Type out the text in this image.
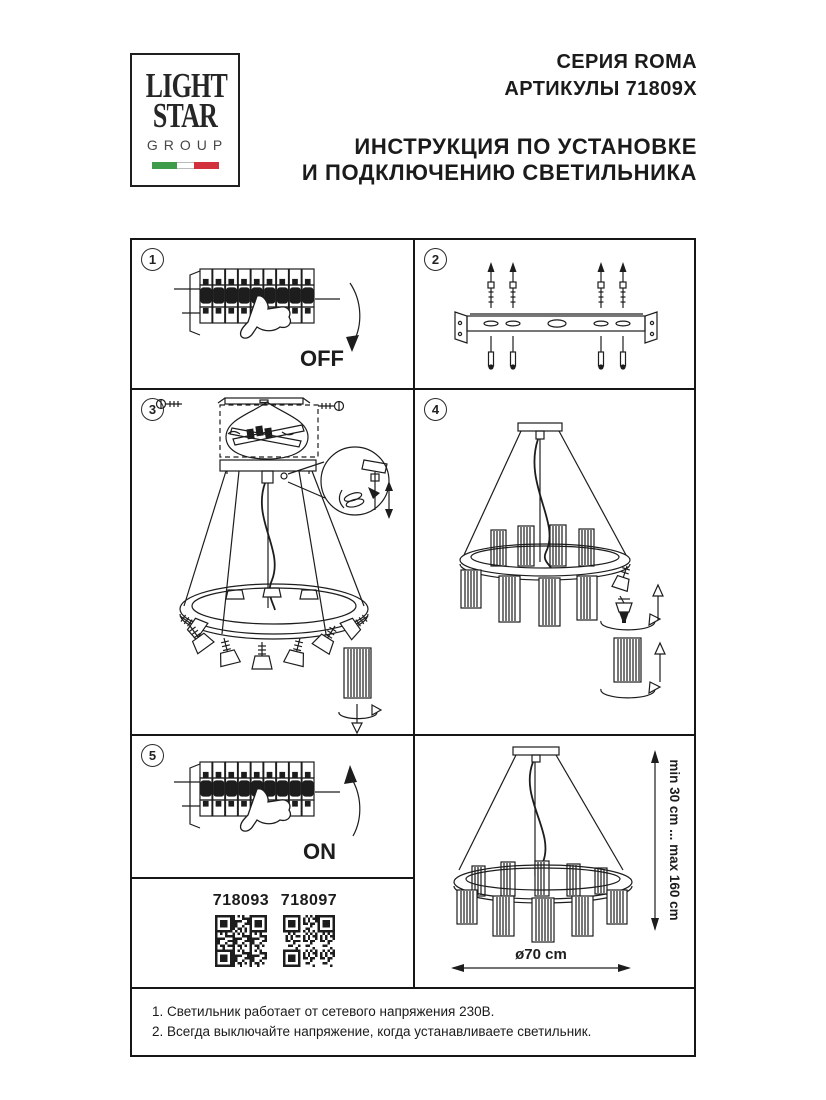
LIGHT
STAR
GROUP
СЕРИЯ ROMA
АРТИКУЛЫ 71809X
ИНСТРУКЦИЯ ПО УСТАНОВКЕ
И ПОДКЛЮЧЕНИЮ СВЕТИЛЬНИКА
1
OFF
2
3	4
5
ON
718093 718097	min 30 cm ... max 160 cm
ø70 cm
1. Светильник работает от сетевого напряжения 230В.
2. Всегда выключайте напряжение, когда устанавливаете светильник.
